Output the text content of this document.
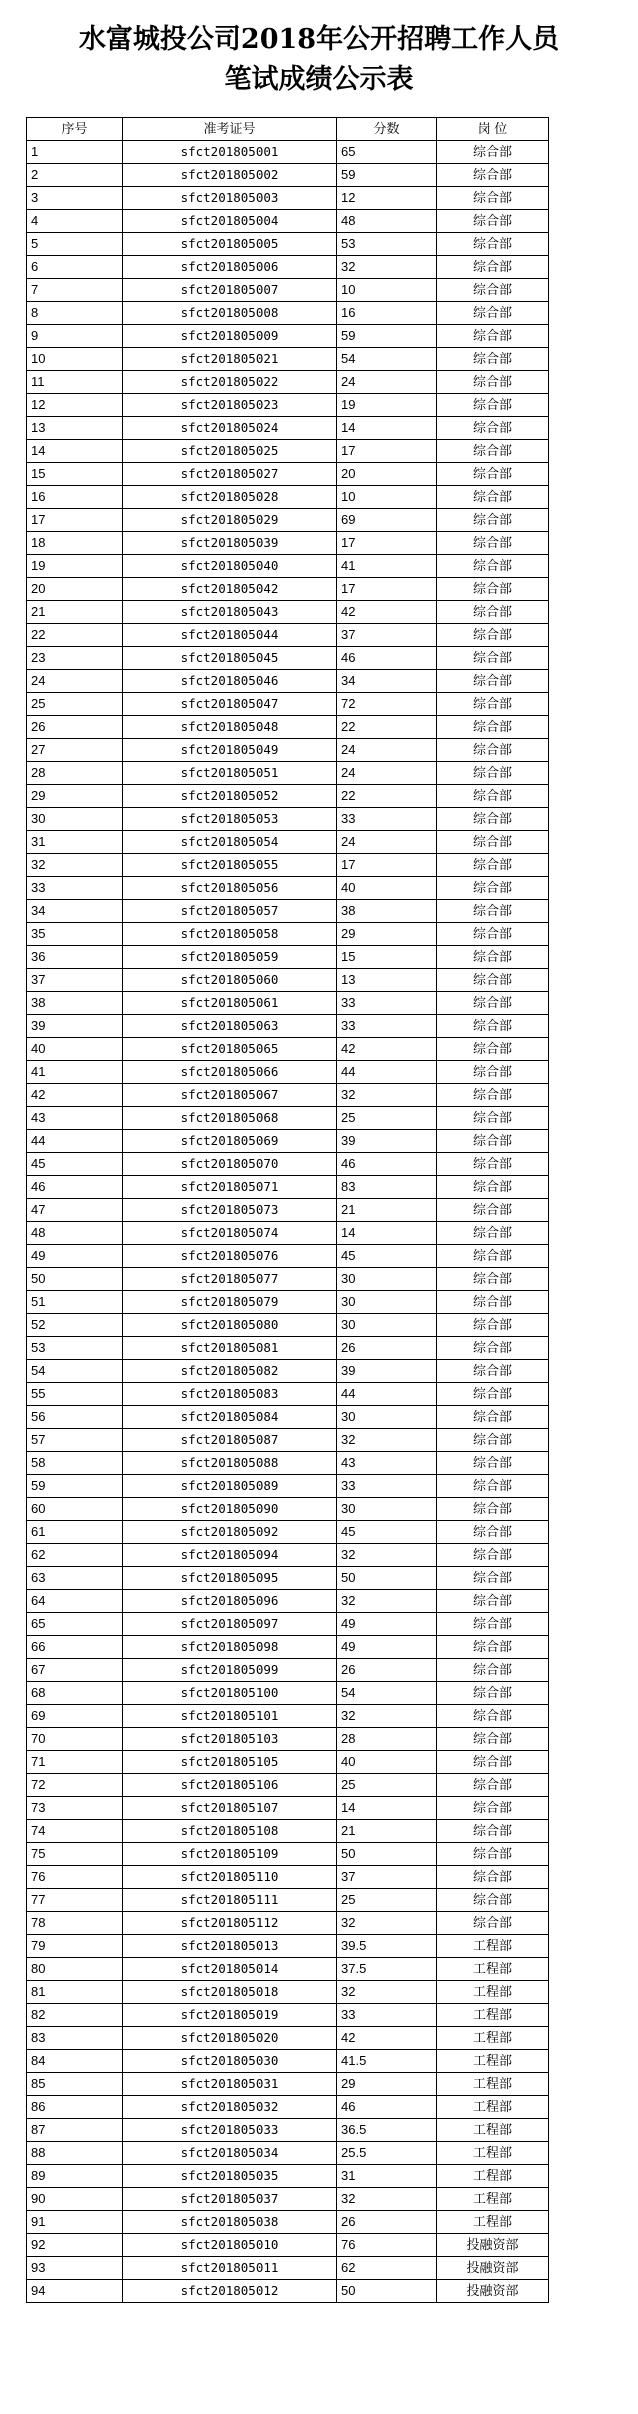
水富城投公司2018年公开招聘工作人员
笔试成绩公示表
序号	准考证号	分数	岗 位
1	sfct201805001	65	综合部
2	sfct201805002	59	综合部
3	sfct201805003	12	综合部
4	sfct201805004	48	综合部
5	sfct201805005	53	综合部
6	sfct201805006	32	综合部
7	sfct201805007	10	综合部
8	sfct201805008	16	综合部
9	sfct201805009	59	综合部
10	sfct201805021	54	综合部
11	sfct201805022	24	综合部
12	sfct201805023	19	综合部
13	sfct201805024	14	综合部
14	sfct201805025	17	综合部
15	sfct201805027	20	综合部
16	sfct201805028	10	综合部
17	sfct201805029	69	综合部
18	sfct201805039	17	综合部
19	sfct201805040	41	综合部
20	sfct201805042	17	综合部
21	sfct201805043	42	综合部
22	sfct201805044	37	综合部
23	sfct201805045	46	综合部
24	sfct201805046	34	综合部
25	sfct201805047	72	综合部
26	sfct201805048	22	综合部
27	sfct201805049	24	综合部
28	sfct201805051	24	综合部
29	sfct201805052	22	综合部
30	sfct201805053	33	综合部
31	sfct201805054	24	综合部
32	sfct201805055	17	综合部
33	sfct201805056	40	综合部
34	sfct201805057	38	综合部
35	sfct201805058	29	综合部
36	sfct201805059	15	综合部
37	sfct201805060	13	综合部
38	sfct201805061	33	综合部
39	sfct201805063	33	综合部
40	sfct201805065	42	综合部
41	sfct201805066	44	综合部
42	sfct201805067	32	综合部
43	sfct201805068	25	综合部
44	sfct201805069	39	综合部
45	sfct201805070	46	综合部
46	sfct201805071	83	综合部
47	sfct201805073	21	综合部
48	sfct201805074	14	综合部
49	sfct201805076	45	综合部
50	sfct201805077	30	综合部
51	sfct201805079	30	综合部
52	sfct201805080	30	综合部
53	sfct201805081	26	综合部
54	sfct201805082	39	综合部
55	sfct201805083	44	综合部
56	sfct201805084	30	综合部
57	sfct201805087	32	综合部
58	sfct201805088	43	综合部
59	sfct201805089	33	综合部
60	sfct201805090	30	综合部
61	sfct201805092	45	综合部
62	sfct201805094	32	综合部
63	sfct201805095	50	综合部
64	sfct201805096	32	综合部
65	sfct201805097	49	综合部
66	sfct201805098	49	综合部
67	sfct201805099	26	综合部
68	sfct201805100	54	综合部
69	sfct201805101	32	综合部
70	sfct201805103	28	综合部
71	sfct201805105	40	综合部
72	sfct201805106	25	综合部
73	sfct201805107	14	综合部
74	sfct201805108	21	综合部
75	sfct201805109	50	综合部
76	sfct201805110	37	综合部
77	sfct201805111	25	综合部
78	sfct201805112	32	综合部
79	sfct201805013	39.5	工程部
80	sfct201805014	37.5	工程部
81	sfct201805018	32	工程部
82	sfct201805019	33	工程部
83	sfct201805020	42	工程部
84	sfct201805030	41.5	工程部
85	sfct201805031	29	工程部
86	sfct201805032	46	工程部
87	sfct201805033	36.5	工程部
88	sfct201805034	25.5	工程部
89	sfct201805035	31	工程部
90	sfct201805037	32	工程部
91	sfct201805038	26	工程部
92	sfct201805010	76	投融资部
93	sfct201805011	62	投融资部
94	sfct201805012	50	投融资部
